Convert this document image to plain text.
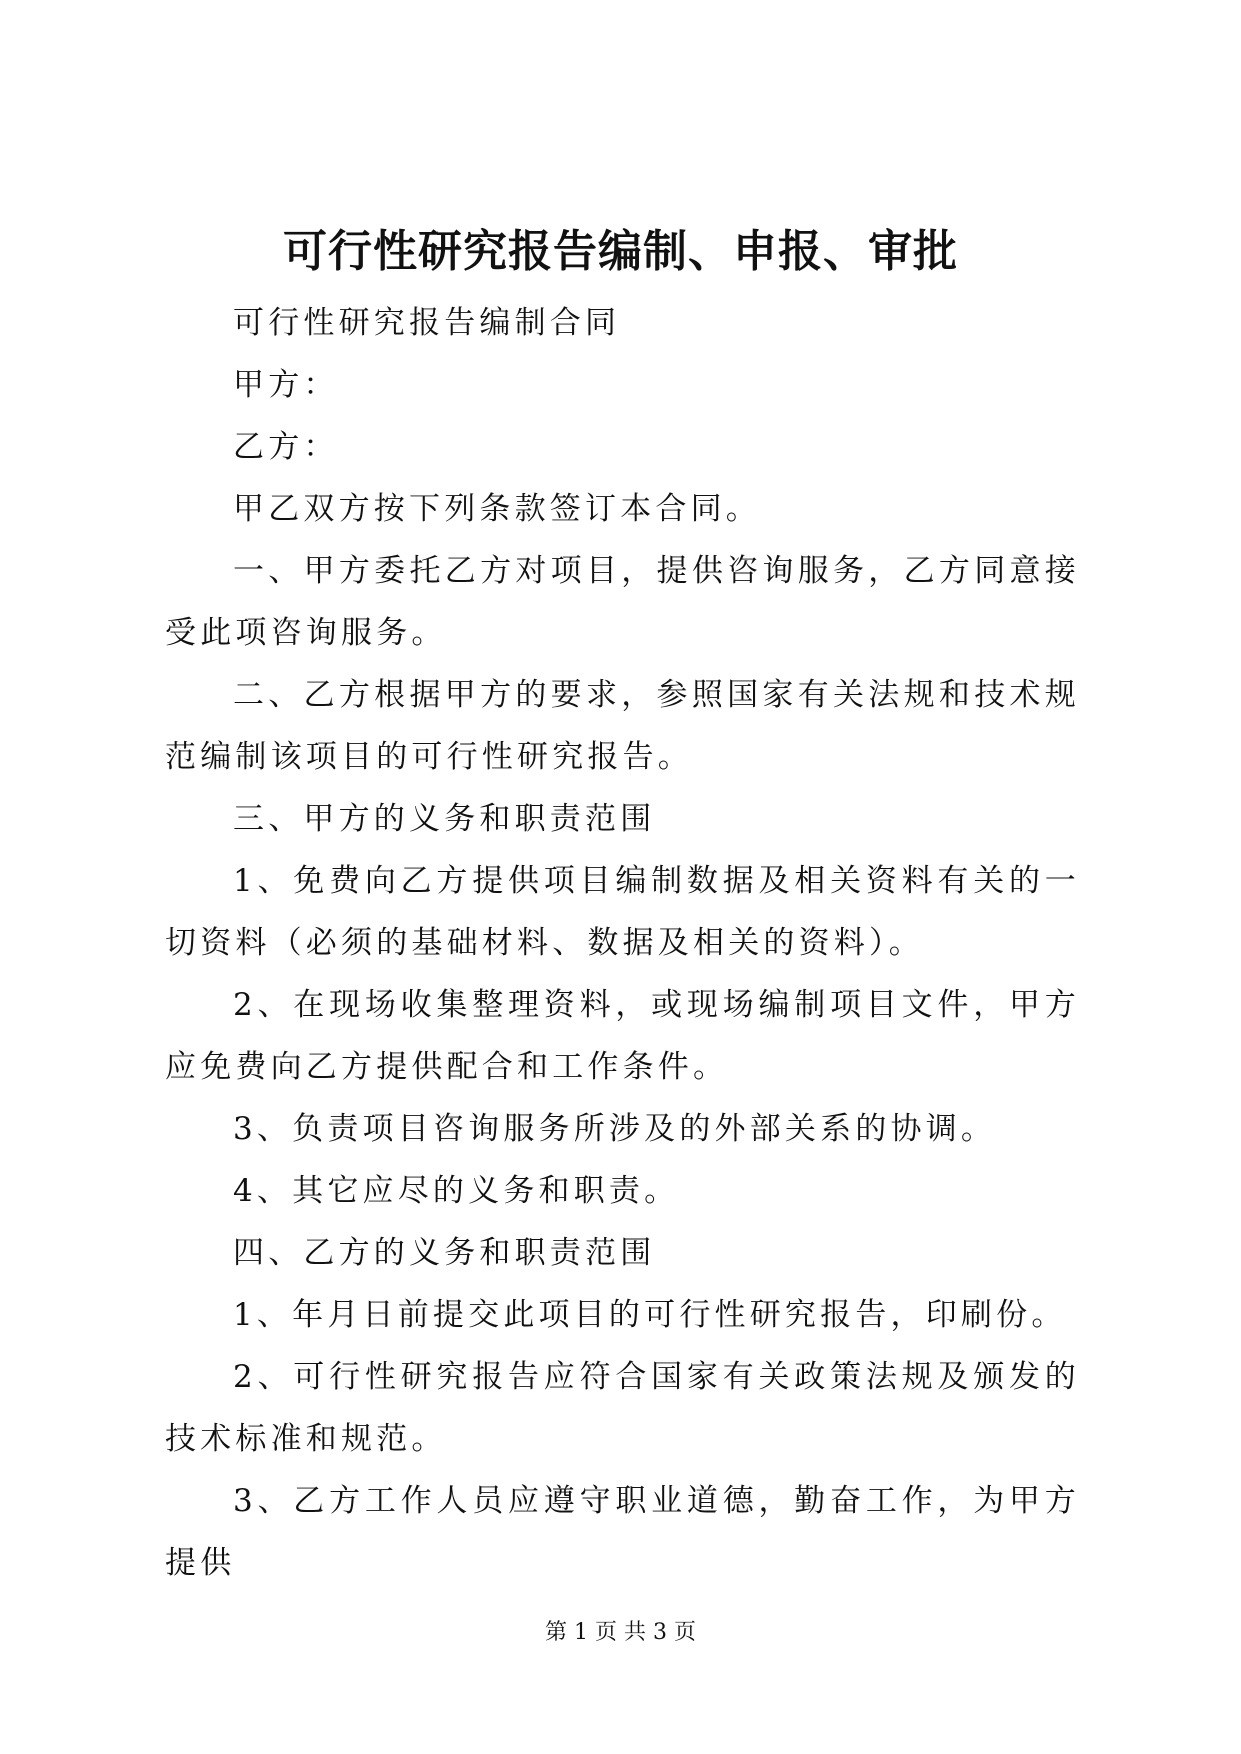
可行性研究报告编制、申报、审批

可行性研究报告编制合同

甲方：

乙方：

甲乙双方按下列条款签订本合同。

一、甲方委托乙方对项目，提供咨询服务，乙方同意接受此项咨询服务。

二、乙方根据甲方的要求，参照国家有关法规和技术规范编制该项目的可行性研究报告。

三、甲方的义务和职责范围

1、免费向乙方提供项目编制数据及相关资料有关的一切资料（必须的基础材料、数据及相关的资料）。

2、在现场收集整理资料，或现场编制项目文件，甲方应免费向乙方提供配合和工作条件。

3、负责项目咨询服务所涉及的外部关系的协调。

4、其它应尽的义务和职责。

四、乙方的义务和职责范围

1、年月日前提交此项目的可行性研究报告，印刷份。

2、可行性研究报告应符合国家有关政策法规及颁发的技术标准和规范。

3、乙方工作人员应遵守职业道德，勤奋工作，为甲方提供

第 1 页 共 3 页
